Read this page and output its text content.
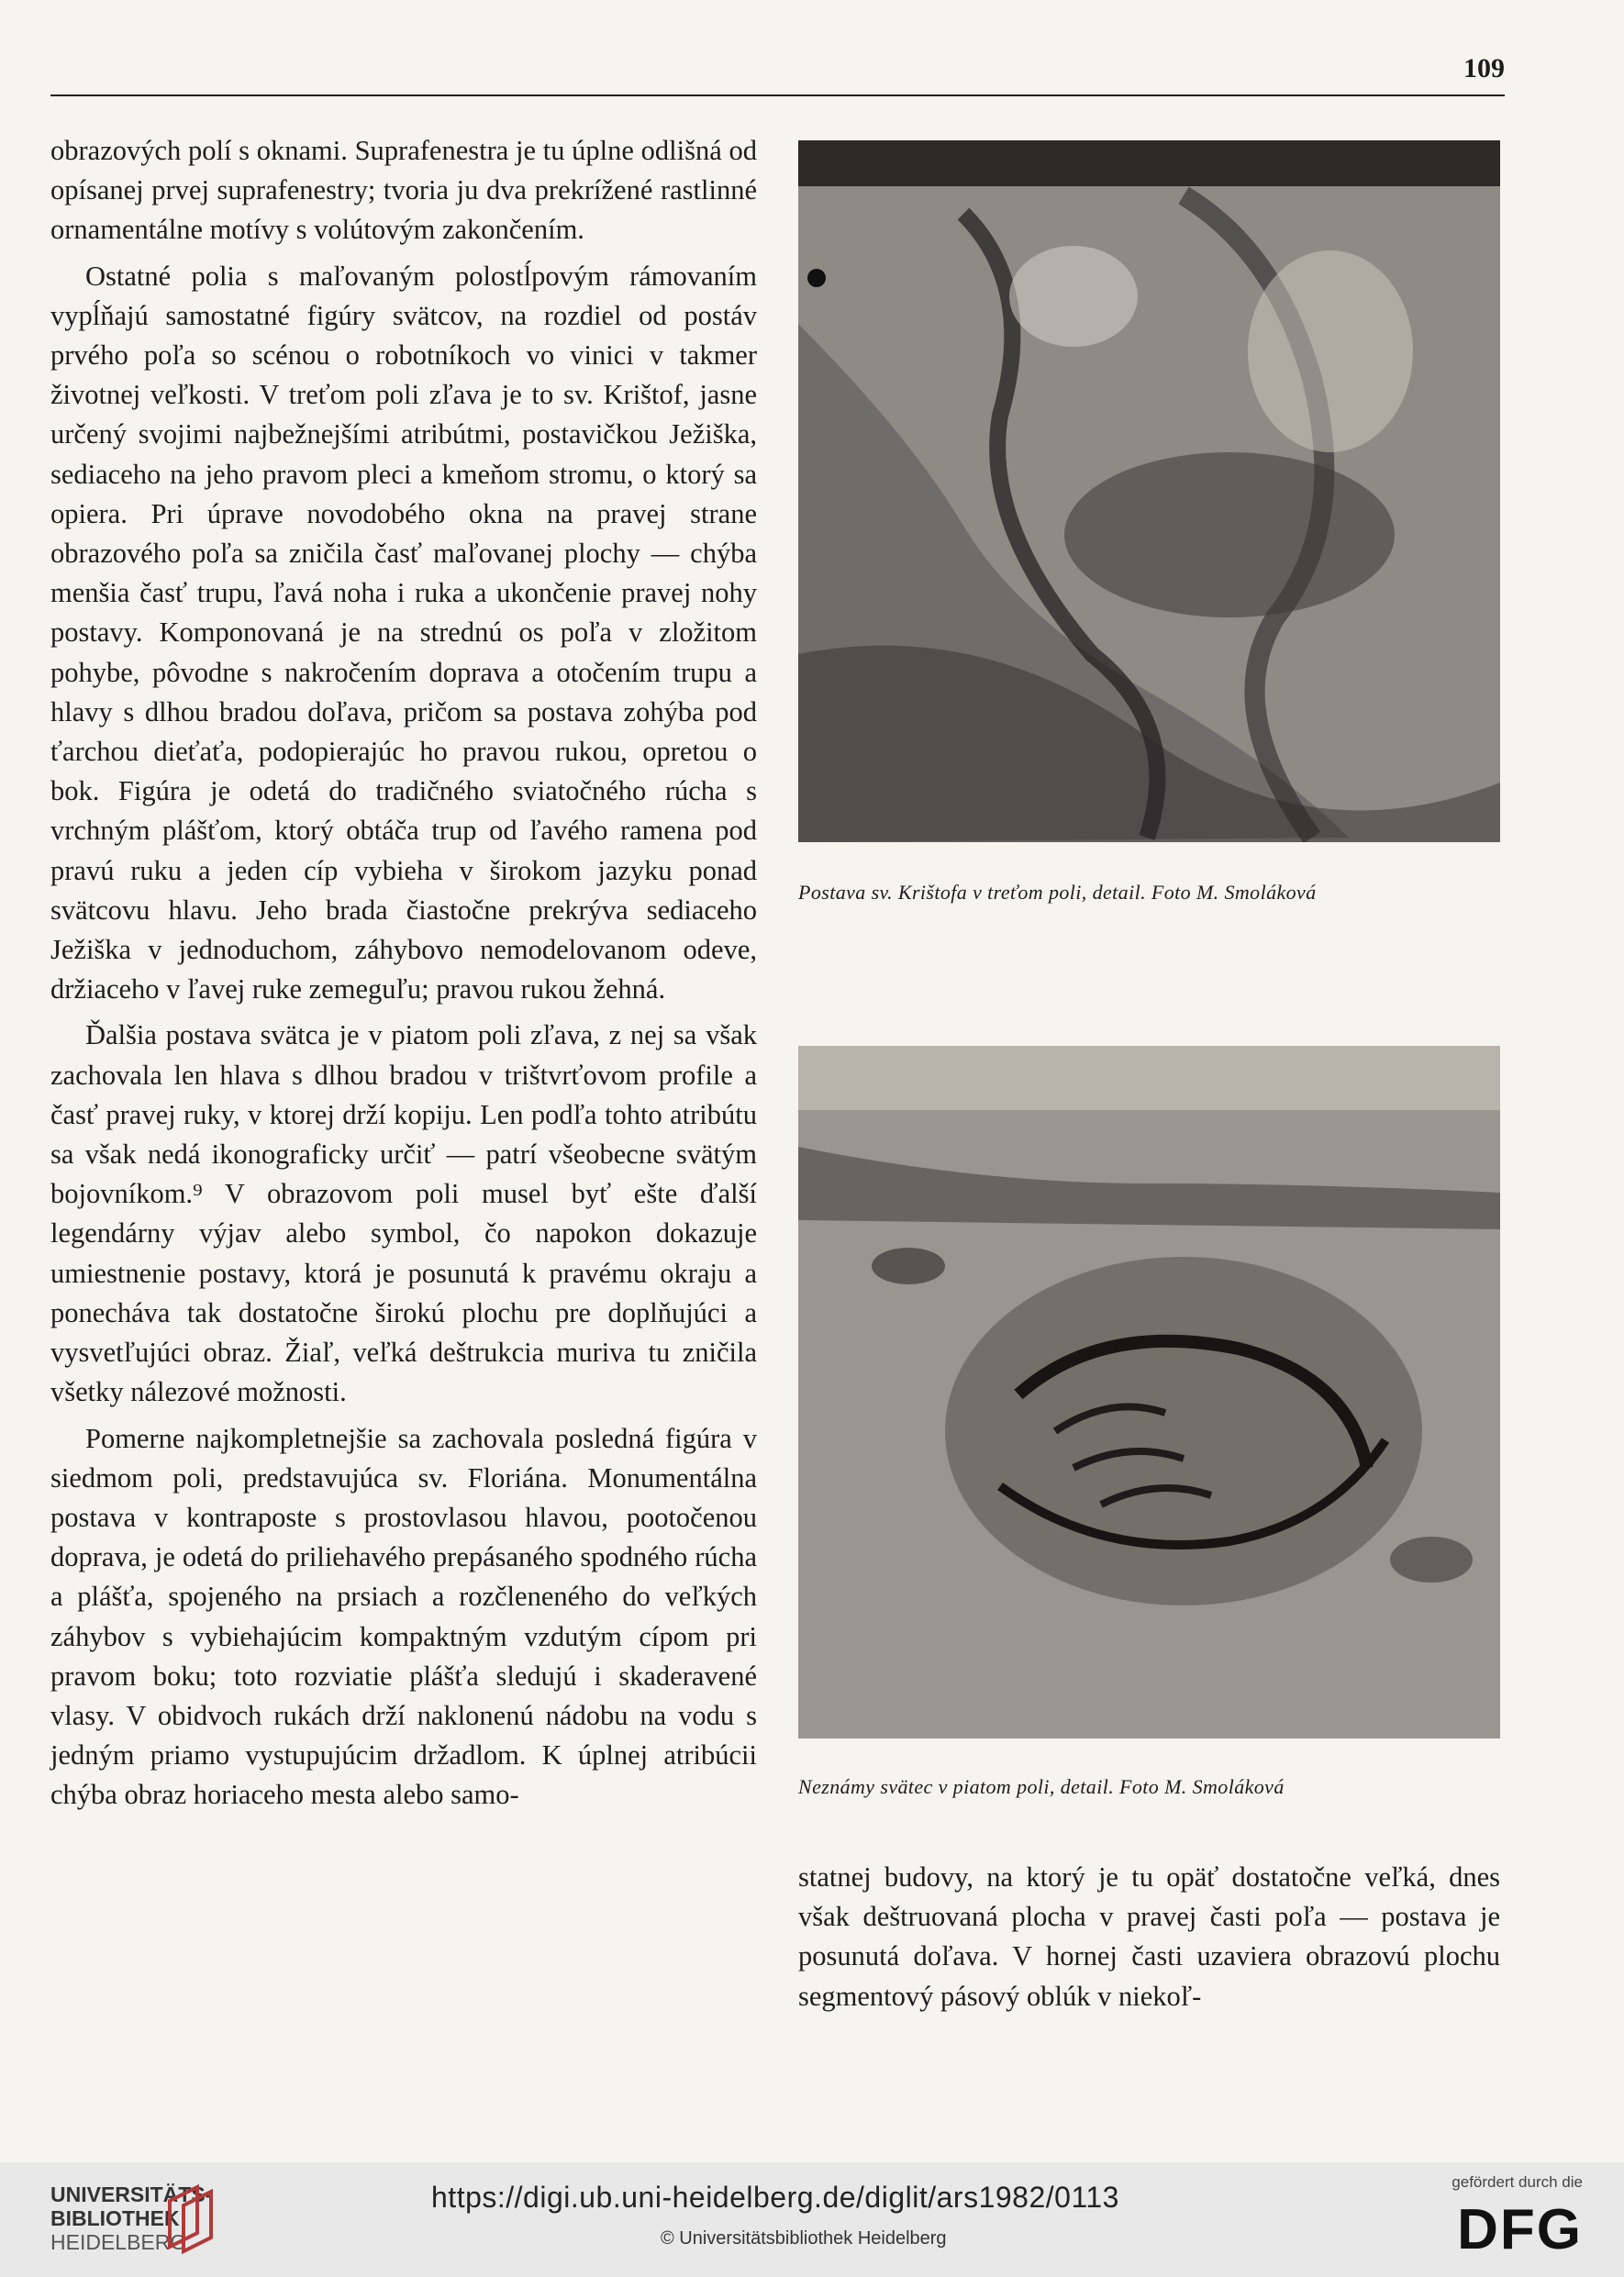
109

obrazových polí s oknami. Suprafenestra je tu úplne odlišná od opísanej prvej suprafenestry; tvoria ju dva prekrížené rastlinné ornamentálne motívy s volútovým zakončením.

Ostatné polia s maľovaným polostĺpovým rámovaním vypĺňajú samostatné figúry svätcov, na rozdiel od postáv prvého poľa so scénou o robotníkoch vo vinici v takmer životnej veľkosti. V treťom poli zľava je to sv. Krištof, jasne určený svojimi najbežnejšími atribútmi, postavičkou Ježiška, sediaceho na jeho pravom pleci a kmeňom stromu, o ktorý sa opiera. Pri úprave novodobého okna na pravej strane obrazového poľa sa zničila časť maľovanej plochy — chýba menšia časť trupu, ľavá noha i ruka a ukončenie pravej nohy postavy. Komponovaná je na strednú os poľa v zložitom pohybe, pôvodne s nakročením doprava a otočením trupu a hlavy s dlhou bradou doľava, pričom sa postava zohýba pod ťarchou dieťaťa, podopierajúc ho pravou rukou, opretou o bok. Figúra je odetá do tradičného sviatočného rúcha s vrchným plášťom, ktorý obtáča trup od ľavého ramena pod pravú ruku a jeden cíp vybieha v širokom jazyku ponad svätcovu hlavu. Jeho brada čiastočne prekrýva sediaceho Ježiška v jednoduchom, záhybovo nemodelovanom odeve, držiaceho v ľavej ruke zemeguľu; pravou rukou žehná.

Ďalšia postava svätca je v piatom poli zľava, z nej sa však zachovala len hlava s dlhou bradou v trištvrťovom profile a časť pravej ruky, v ktorej drží kopiju. Len podľa tohto atribútu sa však nedá ikonograficky určiť — patrí všeobecne svätým bojovníkom.⁹ V obrazovom poli musel byť ešte ďalší legendárny výjav alebo symbol, čo napokon dokazuje umiestnenie postavy, ktorá je posunutá k pravému okraju a ponecháva tak dostatočne širokú plochu pre doplňujúci a vysvetľujúci obraz. Žiaľ, veľká deštrukcia muriva tu zničila všetky nálezové možnosti.

Pomerne najkompletnejšie sa zachovala posledná figúra v siedmom poli, predstavujúca sv. Floriána. Monumentálna postava v kontraposte s prostovlasou hlavou, pootočenou doprava, je odetá do priliehavého prepásaného spodného rúcha a plášťa, spojeného na prsiach a rozčleneného do veľkých záhybov s vybiehajúcim kompaktným vzdutým cípom pri pravom boku; toto rozviatie plášťa sledujú i skaderavené vlasy. V obidvoch rukách drží naklonenú nádobu na vodu s jedným priamo vystupujúcim držadlom. K úplnej atribúcii chýba obraz horiaceho mesta alebo samo-

Postava sv. Krištofa v treťom poli, detail. Foto M. Smoláková
Neznámy svätec v piatom poli, detail. Foto M. Smoláková

statnej budovy, na ktorý je tu opäť dostatočne veľká, dnes však deštruovaná plocha v pravej časti poľa — postava je posunutá doľava. V hornej časti uzaviera obrazovú plochu segmentový pásový oblúk v niekoľ-

UNIVERSITÄTS-
BIBLIOTHEK
HEIDELBERG
https://digi.ub.uni-heidelberg.de/diglit/ars1982/0113
© Universitätsbibliothek Heidelberg
gefördert durch die
DFG
